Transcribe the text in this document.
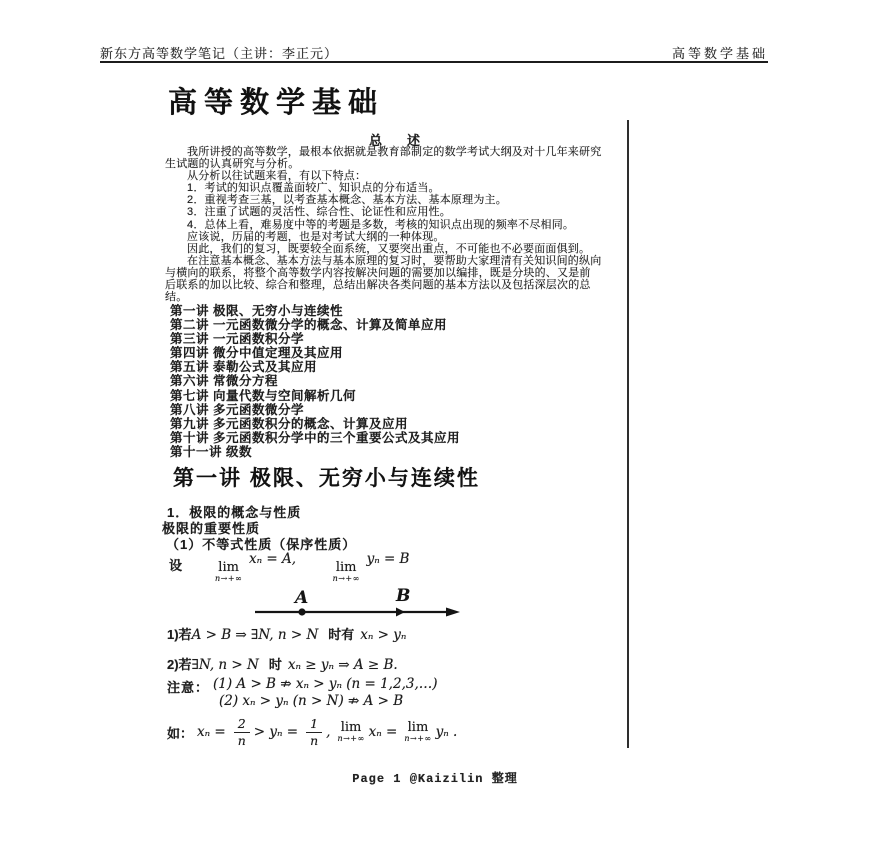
新东方高等数学笔记（主讲：李正元）	高等数学基础
高等数学基础
总　述
我所讲授的高等数学，最根本依据就是教育部制定的数学考试大纲及对十几年来研究
生试题的认真研究与分析。
从分析以往试题来看，有以下特点：
1．考试的知识点覆盖面较广、知识点的分布适当。
2．重视考查三基，以考查基本概念、基本方法、基本原理为主。
3．注重了试题的灵活性、综合性、论证性和应用性。
4．总体上看，难易度中等的考题是多数，考核的知识点出现的频率不尽相同。
应该说，历届的考题，也是对考试大纲的一种体现。
因此，我们的复习，既要较全面系统，又要突出重点，不可能也不必要面面俱到。
在注意基本概念、基本方法与基本原理的复习时，要帮助大家理清有关知识间的纵向
与横向的联系，将整个高等数学内容按解决问题的需要加以编排，既是分块的、又是前
后联系的加以比较、综合和整理，总结出解决各类问题的基本方法以及包括深层次的总
结。
第一讲 极限、无穷小与连续性
第二讲 一元函数微分学的概念、计算及简单应用
第三讲 一元函数积分学
第四讲 微分中值定理及其应用
第五讲 泰勒公式及其应用
第六讲 常微分方程
第七讲 向量代数与空间解析几何
第八讲 多元函数微分学
第九讲 多元函数积分的概念、计算及应用
第十讲 多元函数积分学中的三个重要公式及其应用
第十一讲 级数
第一讲 极限、无穷小与连续性
1．极限的概念与性质
极限的重要性质
（1）不等式性质（保序性质）
设	lim
n→+∞
xₙ = A,
lim
n→+∞
yₙ = B
A	B
1)若A > B ⇒ ∃N, n > N 时有 xₙ > yₙ
2)若∃N, n > N 时 xₙ ≥ yₙ ⇒ A ≥ B.
注意： (1) A > B ⇏ xₙ > yₙ (n = 1,2,3,…)
(2) xₙ > yₙ (n > N) ⇏ A > B
如： $x_n = \frac{2}{n} > y_n = \frac{1}{n}$ , lim
n→+∞ xₙ = lim
n→+∞ yₙ .
Page 1 @Kaizilin 整理
